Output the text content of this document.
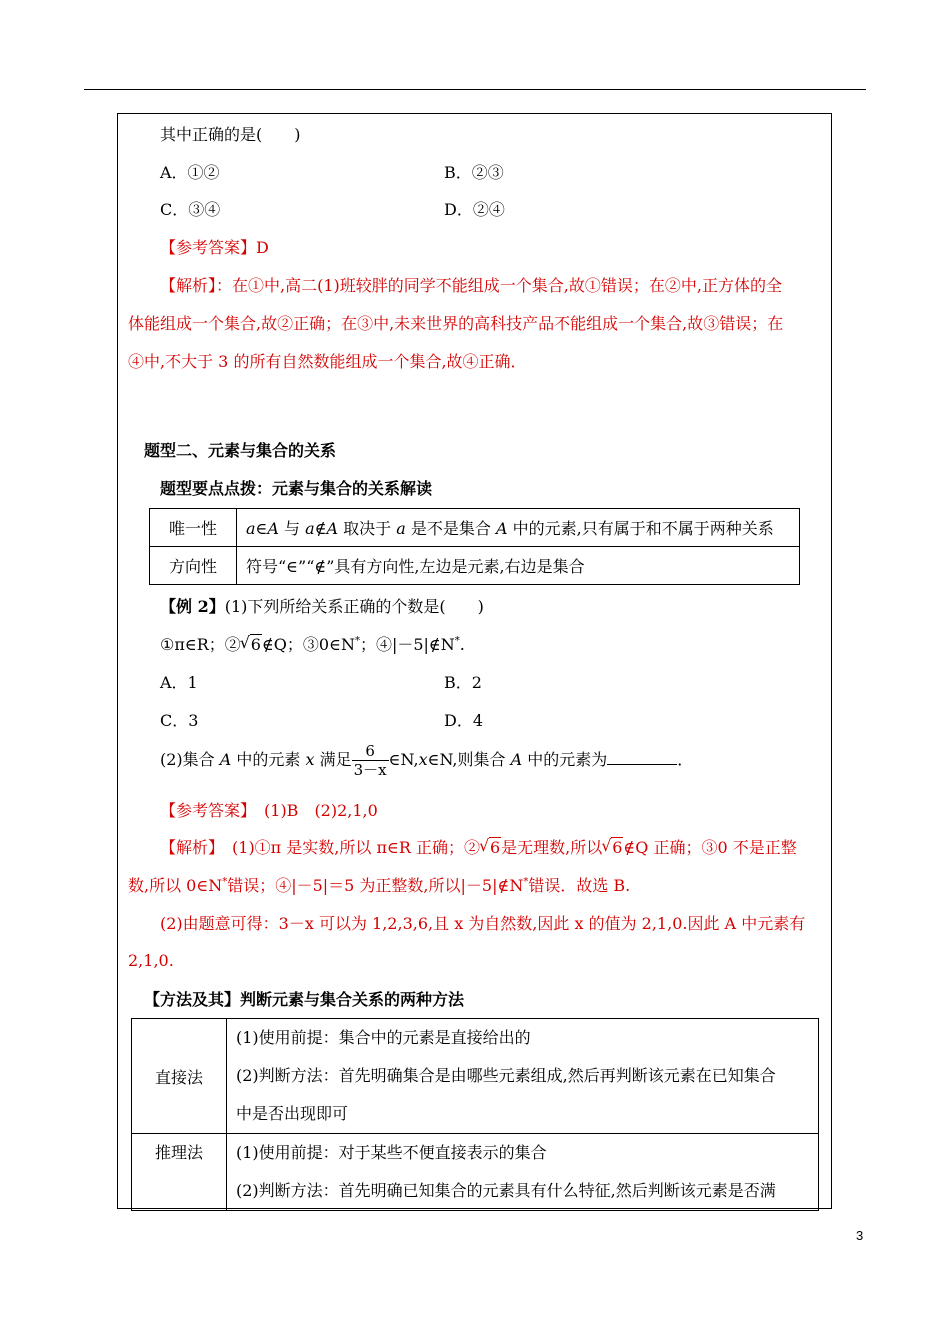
其中正确的是(　　)
A．①②	B．②③
C．③④	D．②④
【参考答案】D
【解析】：在①中,高二(1)班较胖的同学不能组成一个集合,故①错误；在②中,正方体的全
体能组成一个集合,故②正确；在③中,未来世界的高科技产品不能组成一个集合,故③错误；在
④中,不大于 3 的所有自然数能组成一个集合,故④正确．
题型二、元素与集合的关系
题型要点点拨：元素与集合的关系解读
唯一性	a∈A 与 a∉A 取决于 a 是不是集合 A 中的元素,只有属于和不属于两种关系
方向性	符号“∈”“∉”具有方向性,左边是元素,右边是集合
【例 2】(1)下列所给关系正确的个数是(　　)
①π∈R；② √ 6∉Q；③0∈N*；④|－5|∉N*.
A．1	B．2
C．3	D．4
(2)集合 A 中的元素 x 满足 $\frac{6}{3-x}$ ∈N,x∈N,则集合 A 中的元素为	．
【参考答案】　(1)B　(2)2,1,0
【解析】　(1)①π 是实数,所以 π∈R 正确；② √ 6是无理数,所以 √ 6∉Q 正确；③0 不是正整
数,所以 0∈N*错误；④|－5|＝5 为正整数,所以|－5|∉N*错误．故选 B.
(2)由题意可得：3－x 可以为 1,2,3,6,且 x 为自然数,因此 x 的值为 2,1,0.因此 A 中元素有
2,1,0.
【方法及其】判断元素与集合关系的两种方法
直接法	(1)使用前提：集合中的元素是直接给出的
(2)判断方法：首先明确集合是由哪些元素组成,然后再判断该元素在已知集合
中是否出现即可

推理法	(1)使用前提：对于某些不便直接表示的集合
(2)判断方法：首先明确已知集合的元素具有什么特征,然后判断该元素是否满
3
